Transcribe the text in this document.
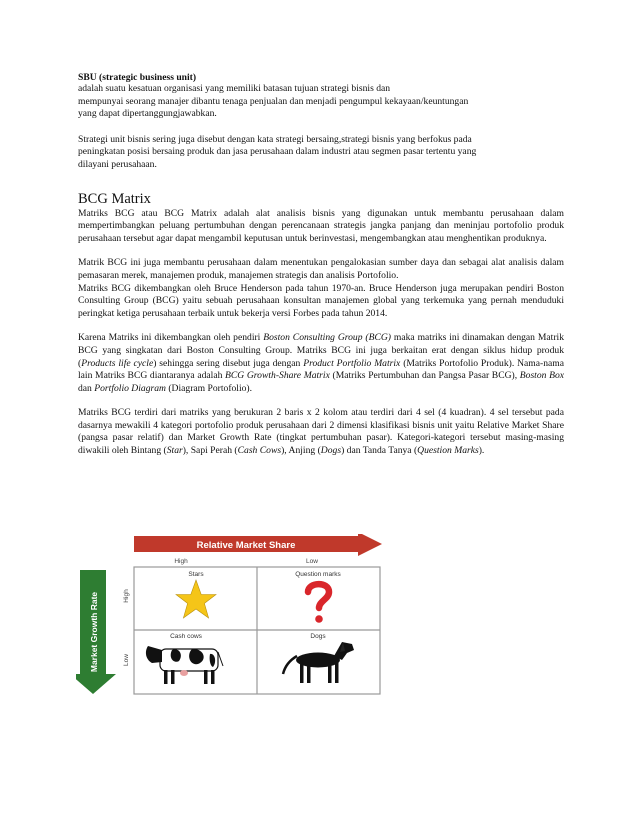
SBU (strategic business unit)

adalah suatu kesatuan organisasi yang memiliki batasan tujuan strategi bisnis dan

mempunyai seorang manajer dibantu tenaga penjualan dan menjadi pengumpul kekayaan/keuntungan

yang dapat dipertanggungjawabkan.

Strategi unit bisnis sering juga disebut dengan kata strategi bersaing,strategi bisnis yang berfokus pada

peningkatan posisi bersaing produk dan jasa perusahaan dalam industri atau segmen pasar tertentu yang

dilayani perusahaan.

BCG Matrix

Matriks BCG atau BCG Matrix adalah alat analisis bisnis yang digunakan untuk membantu perusahaan dalam mempertimbangkan peluang pertumbuhan dengan perencanaan strategis jangka panjang dan meninjau portofolio produk perusahaan tersebut agar dapat mengambil keputusan untuk berinvestasi, mengembangkan atau menghentikan produknya.

Matrik BCG ini juga membantu perusahaan dalam menentukan pengalokasian sumber daya dan sebagai alat analisis dalam pemasaran merek, manajemen produk, manajemen strategis dan analisis Portofolio.

Matriks BCG dikembangkan oleh Bruce Henderson pada tahun 1970-an. Bruce Henderson juga merupakan pendiri Boston Consulting Group (BCG) yaitu sebuah perusahaan konsultan manajemen global yang terkemuka yang pernah menduduki peringkat ketiga perusahaan terbaik untuk bekerja versi Forbes pada tahun 2014.

Karena Matriks ini dikembangkan oleh pendiri Boston Consulting Group (BCG) maka matriks ini dinamakan dengan Matrik BCG yang singkatan dari Boston Consulting Group. Matriks BCG ini juga berkaitan erat dengan siklus hidup produk (Products life cycle) sehingga sering disebut juga dengan Product Portfolio Matrix (Matriks Portofolio Produk). Nama-nama lain Matriks BCG diantaranya adalah BCG Growth-Share Matrix (Matriks Pertumbuhan dan Pangsa Pasar BCG), Boston Box dan Portfolio Diagram (Diagram Portofolio).

Matriks BCG terdiri dari matriks yang berukuran 2 baris x 2 kolom atau terdiri dari 4 sel (4 kuadran). 4 sel tersebut pada dasarnya mewakili 4 kategori portofolio produk perusahaan dari 2 dimensi klasifikasi bisnis unit yaitu Relative Market Share (pangsa pasar relatif) dan Market Growth Rate (tingkat pertumbuhan pasar). Kategori-kategori tersebut masing-masing diwakili oleh Bintang (Star), Sapi Perah (Cash Cows), Anjing (Dogs) dan Tanda Tanya (Question Marks).

Relative Market Share
Market Growth Rate
High	Low
High
Low
Stars	Question marks
Cash cows	Dogs
